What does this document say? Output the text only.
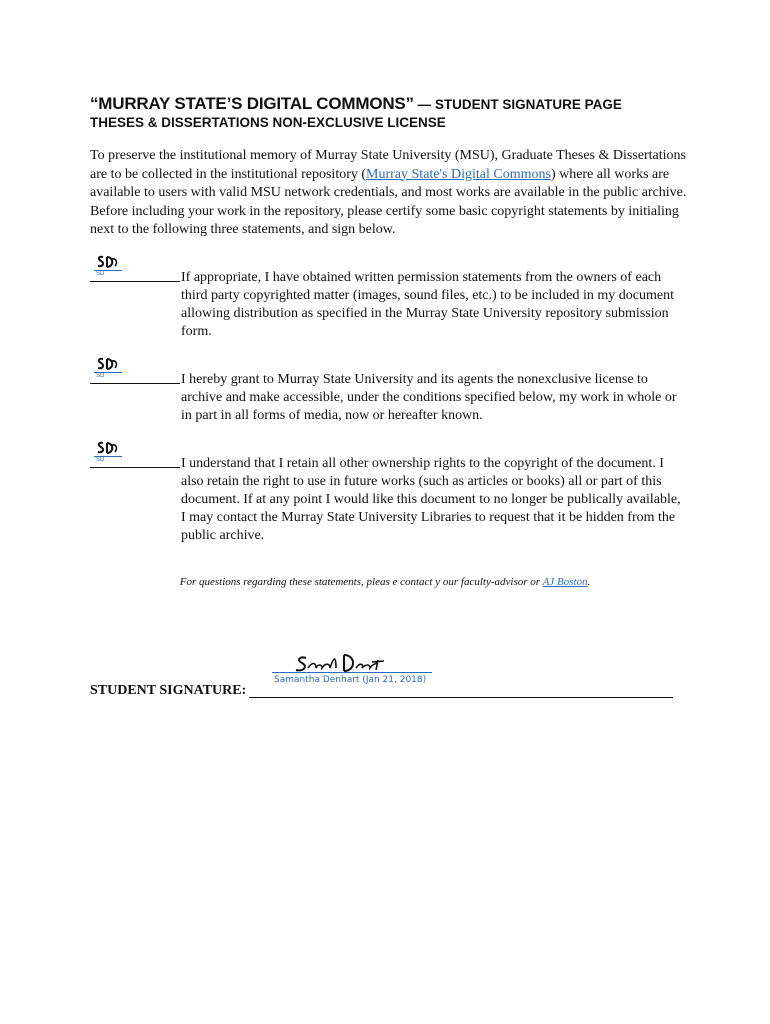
“MURRAY STATE’S DIGITAL COMMONS” — STUDENT SIGNATURE PAGE
THESES & DISSERTATIONS NON-EXCLUSIVE LICENSE
To preserve the institutional memory of Murray State University (MSU), Graduate Theses & Dissertations are to be collected in the institutional repository (Murray State's Digital Commons) where all works are available to users with valid MSU network credentials, and most works are available in the public archive. Before including your work in the repository, please certify some basic copyright statements by initialing next to the following three statements, and sign below.
SD	If appropriate, I have obtained written permission statements from the owners of each third party copyrighted matter (images, sound files, etc.) to be included in my document allowing distribution as specified in the Murray State University repository submission form.
SD	I hereby grant to Murray State University and its agents the nonexclusive license to archive and make accessible, under the conditions specified below, my work in whole or in part in all forms of media, now or hereafter known.
SD	I understand that I retain all other ownership rights to the copyright of the document. I also retain the right to use in future works (such as articles or books) all or part of this document. If at any point I would like this document to no longer be publically available, I may contact the Murray State University Libraries to request that it be hidden from the public archive.
For questions regarding these statements, pleas e contact y our faculty-advisor or AJ Boston.
Samantha Denhart (Jan 21, 2018)
STUDENT SIGNATURE:
